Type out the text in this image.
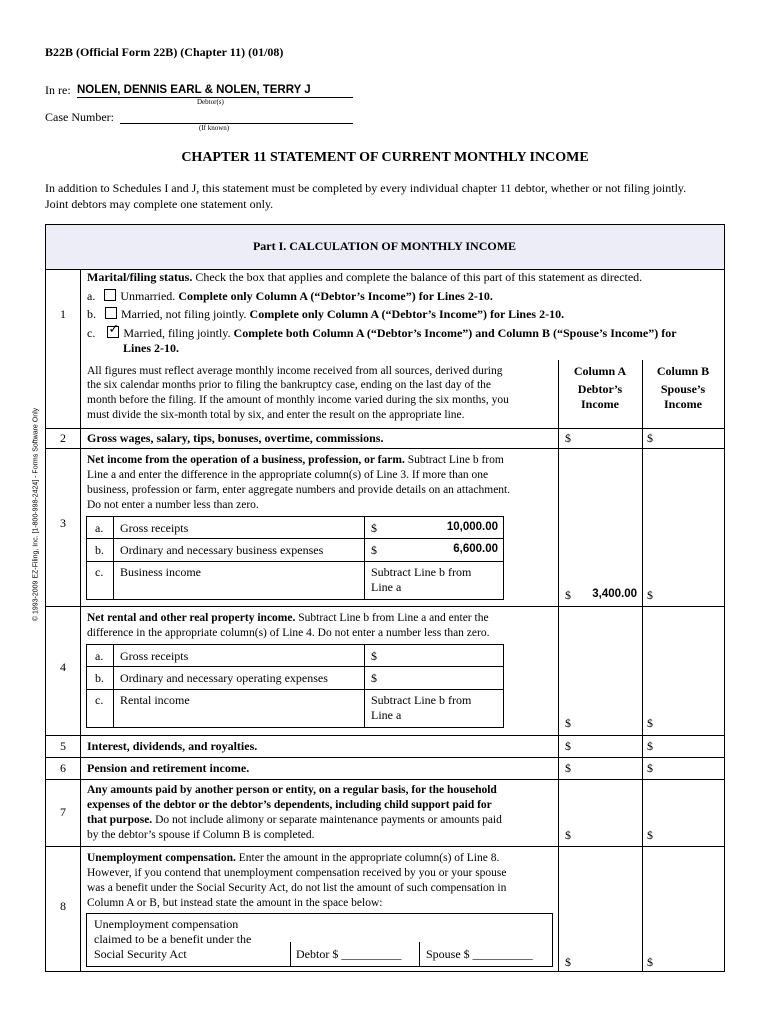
B22B (Official Form 22B) (Chapter 11) (01/08)
In re: NOLEN, DENNIS EARL & NOLEN, TERRY J
Debtor(s)
Case Number:
(If known)
CHAPTER 11 STATEMENT OF CURRENT MONTHLY INCOME
In addition to Schedules I and J, this statement must be completed by every individual chapter 11 debtor, whether or not filing jointly.
Joint debtors may complete one statement only.
© 1993-2009 EZ-Filing, Inc. [1-800-998-2424] - Forms Software Only
Part I. CALCULATION OF MONTHLY INCOME
1
Marital/filing status. Check the box that applies and complete the balance of this part of this statement as directed.
a. Unmarried. Complete only Column A (“Debtor’s Income”) for Lines 2-10.
b. Married, not filing jointly. Complete only Column A (“Debtor’s Income”) for Lines 2-10.
c. ✓ Married, filing jointly. Complete both Column A (“Debtor’s Income”) and Column B (“Spouse’s Income”) for
Lines 2-10.
All figures must reflect average monthly income received from all sources, derived during
the six calendar months prior to filing the bankruptcy case, ending on the last day of the
month before the filing. If the amount of monthly income varied during the six months, you
must divide the six-month total by six, and enter the result on the appropriate line.
Column A
Debtor’s
Income
Column B
Spouse’s
Income
2	Gross wages, salary, tips, bonuses, overtime, commissions.	$	$
3
Net income from the operation of a business, profession, or farm. Subtract Line b from
Line a and enter the difference in the appropriate column(s) of Line 3. If more than one
business, profession or farm, enter aggregate numbers and provide details on an attachment.
Do not enter a number less than zero.
a. Gross receipts	$	10,000.00
b. Ordinary and necessary business expenses	$	6,600.00
c. Business income	Subtract Line b from
Line a
$	3,400.00 $
4
Net rental and other real property income. Subtract Line b from Line a and enter the
difference in the appropriate column(s) of Line 4. Do not enter a number less than zero.
a. Gross receipts	$
b. Ordinary and necessary operating expenses	$
c. Rental income	Subtract Line b from
Line a
$	$
5	Interest, dividends, and royalties.	$	$
6	Pension and retirement income.	$	$
7
Any amounts paid by another person or entity, on a regular basis, for the household
expenses of the debtor or the debtor’s dependents, including child support paid for
that purpose. Do not include alimony or separate maintenance payments or amounts paid
by the debtor’s spouse if Column B is completed.	$	$
8
Unemployment compensation. Enter the amount in the appropriate column(s) of Line 8.
However, if you contend that unemployment compensation received by you or your spouse
was a benefit under the Social Security Act, do not list the amount of such compensation in
Column A or B, but instead state the amount in the space below:
Unemployment compensation
claimed to be a benefit under the
Social Security Act	Debtor $ __________ Spouse $ __________
$	$
